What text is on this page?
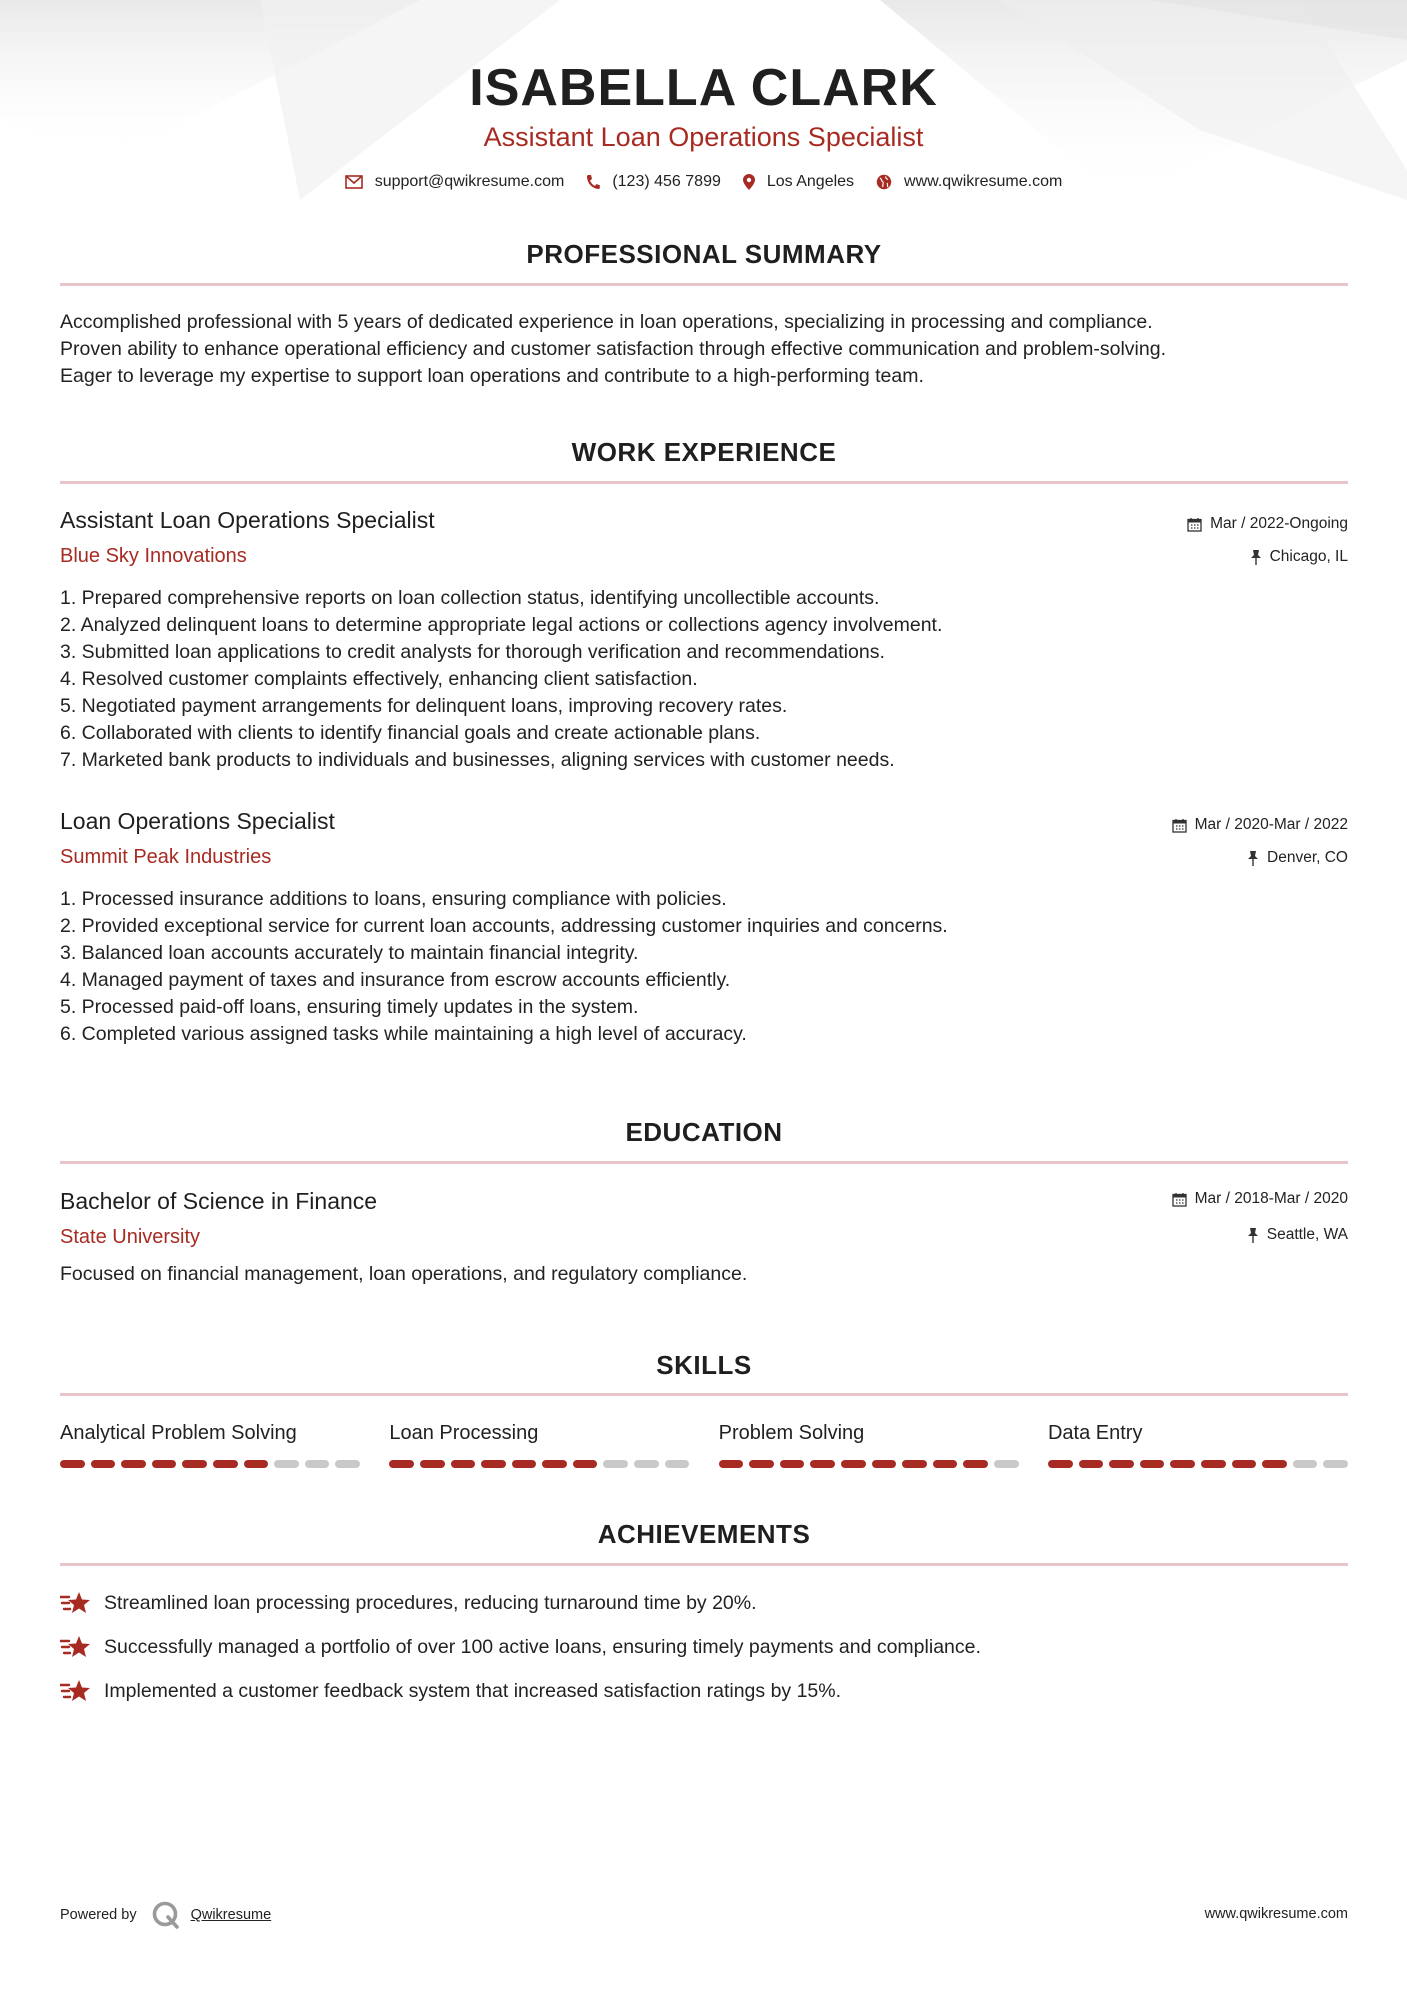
ISABELLA CLARK
Assistant Loan Operations Specialist
support@qwikresume.com	(123) 456 7899	Los Angeles	www.qwikresume.com
PROFESSIONAL SUMMARY
Accomplished professional with 5 years of dedicated experience in loan operations, specializing in processing and compliance.
Proven ability to enhance operational efficiency and customer satisfaction through effective communication and problem-solving.
Eager to leverage my expertise to support loan operations and contribute to a high-performing team.
WORK EXPERIENCE
Assistant Loan Operations Specialist
Blue Sky Innovations
Mar / 2022-Ongoing
Chicago, IL
1. Prepared comprehensive reports on loan collection status, identifying uncollectible accounts.
2. Analyzed delinquent loans to determine appropriate legal actions or collections agency involvement.
3. Submitted loan applications to credit analysts for thorough verification and recommendations.
4. Resolved customer complaints effectively, enhancing client satisfaction.
5. Negotiated payment arrangements for delinquent loans, improving recovery rates.
6. Collaborated with clients to identify financial goals and create actionable plans.
7. Marketed bank products to individuals and businesses, aligning services with customer needs.
Loan Operations Specialist
Summit Peak Industries
Mar / 2020-Mar / 2022
Denver, CO
1. Processed insurance additions to loans, ensuring compliance with policies.
2. Provided exceptional service for current loan accounts, addressing customer inquiries and concerns.
3. Balanced loan accounts accurately to maintain financial integrity.
4. Managed payment of taxes and insurance from escrow accounts efficiently.
5. Processed paid-off loans, ensuring timely updates in the system.
6. Completed various assigned tasks while maintaining a high level of accuracy.
EDUCATION
Bachelor of Science in Finance
State University
Mar / 2018-Mar / 2020
Seattle, WA
Focused on financial management, loan operations, and regulatory compliance.
SKILLS
Analytical Problem Solving	Loan Processing	Problem Solving	Data Entry
ACHIEVEMENTS
Streamlined loan processing procedures, reducing turnaround time by 20%.
Successfully managed a portfolio of over 100 active loans, ensuring timely payments and compliance.
Implemented a customer feedback system that increased satisfaction ratings by 15%.
Powered by	Qwikresume	www.qwikresume.com
